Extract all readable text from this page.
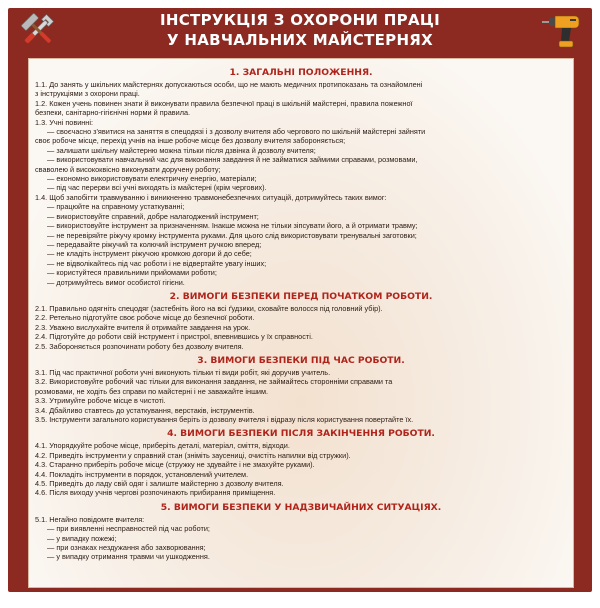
ІНСТРУКЦІЯ З ОХОРОНИ ПРАЦІ
У НАВЧАЛЬНИХ МАЙСТЕРНЯХ
1. ЗАГАЛЬНІ ПОЛОЖЕННЯ.

1.1. До занять у шкільних майстернях допускаються особи, що не мають медичних протипоказань та ознайомлені

з інструкціями з охорони праці.

1.2. Кожен учень повинен знати й виконувати правила безпечної праці в шкільній майстерні, правила пожежної

безпеки, санітарно-гігієнічні норми й правила.

1.3. Учні повинні:

— своєчасно з'явитися на заняття в спецодязі і з дозволу вчителя або чергового по шкільній майстерні зайняти

своє робоче місце, перехід учнів на інше робоче місце без дозволу вчителя забороняється;

— залишати шкільну майстерню можна тільки після дзвінка й дозволу вчителя;

— використовувати навчальний час для виконання завдання й не займатися займими справами, розмовами,

сваволею й висококвісно виконувати доручену роботу;

— економно використовувати електричну енергію, матеріали;

— під час перерви всі учні виходять із майстерні (крім чергових).

1.4. Щоб запобігти травмуванню і виникненню травмонебезпечних ситуацій, дотримуйтесь таких вимог:

— працюйте на справному устаткуванні;

— використовуйте справний, добре налагоджений інструмент;

— використовуйте інструмент за призначенням. Інакше можна не тільки зіпсувати його, а й отримати травму;

— не перевіряйте ріжучу кромку інструмента руками. Для цього слід використовувати тренувальні заготовки;

— передавайте ріжучий та колючий інструмент ручкою вперед;

— не кладіть інструмент ріжучою кромкою догори й до себе;

— не відволікайтесь під час роботи і не відвертайте увагу інших;

— користуйтеся правильними прийомами роботи;

— дотримуйтесь вимог особистої гігієни.

2. ВИМОГИ БЕЗПЕКИ ПЕРЕД ПОЧАТКОМ РОБОТИ.

2.1. Правильно одягніть спецодяг (застебніть його на всі ґудзики, сховайте волосся під головний убір).

2.2. Ретельно підготуйте своє робоче місце до безпечної роботи.

2.3. Уважно вислухайте вчителя й отримайте завдання на урок.

2.4. Підготуйте до роботи свій інструмент і пристрої, впевнившись у їх справності.

2.5. Забороняється розпочинати роботу без дозволу вчителя.

3. ВИМОГИ БЕЗПЕКИ ПІД ЧАС РОБОТИ.

3.1. Під час практичної роботи учні виконують тільки ті види робіт, які доручив учитель.

3.2. Використовуйте робочий час тільки для виконання завдання, не займайтесь сторонніми справами та

розмовами, не ходіть без справи по майстерні і не заважайте іншим.

3.3. Утримуйте робоче місце в чистоті.

3.4. Дбайливо ставтесь до устаткування, верстаків, інструментів.

3.5. Інструменти загального користування беріть із дозволу вчителя і відразу після користування повертайте їх.

4. ВИМОГИ БЕЗПЕКИ ПІСЛЯ ЗАКІНЧЕННЯ РОБОТИ.

4.1. Упорядкуйте робоче місце, приберіть деталі, матеріал, сміття, відходи.

4.2. Приведіть інструменти у справний стан (зніміть заусениці, очистіть напилки від стружки).

4.3. Старанно приберіть робоче місце (стружку не здувайте і не змахуйте руками).

4.4. Покладіть інструменти в порядок, установлений учителем.

4.5. Приведіть до ладу свій одяг і залиште майстерню з дозволу вчителя.

4.6. Після виходу учнів чергові розпочинають прибирання приміщення.

5. ВИМОГИ БЕЗПЕКИ У НАДЗВИЧАЙНИХ СИТУАЦІЯХ.

5.1. Негайно повідомте вчителя:

— при виявленні несправностей під час роботи;

— у випадку пожежі;

— при ознаках нездужання або захворювання;

— у випадку отримання травми чи ушкодження.
